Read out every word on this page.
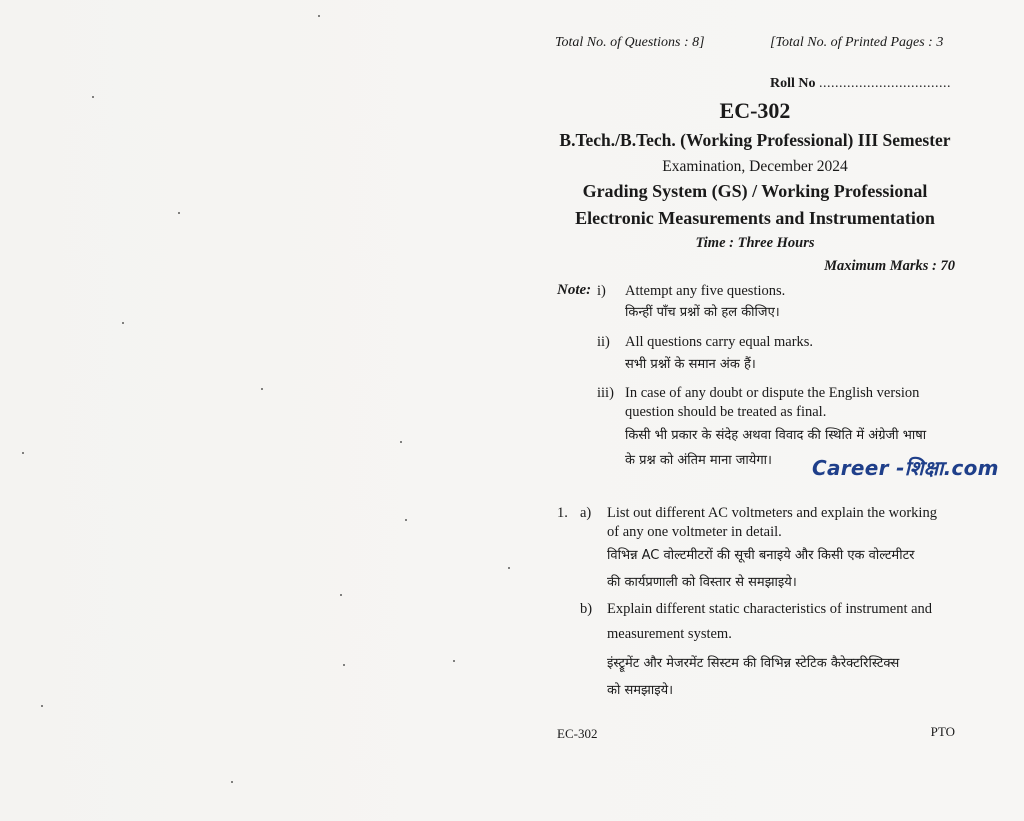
Total No. of Questions : 8]	[Total No. of Printed Pages : 3
Roll No .................................
EC-302
B.Tech./B.Tech. (Working Professional) III Semester
Examination, December 2024
Grading System (GS) / Working Professional
Electronic Measurements and Instrumentation
Time : Three Hours
Maximum Marks : 70
Note: i) Attempt any five questions.
किन्हीं पाँच प्रश्नों को हल कीजिए।
ii) All questions carry equal marks.
सभी प्रश्नों के समान अंक हैं।
iii) In case of any doubt or dispute the English version
question should be treated as final.
किसी भी प्रकार के संदेह अथवा विवाद की स्थिति में अंग्रेजी भाषा
के प्रश्न को अंतिम माना जायेगा। Career -शिक्षा.com
1. a) List out different AC voltmeters and explain the working
of any one voltmeter in detail.
विभिन्न AC वोल्टमीटरों की सूची बनाइये और किसी एक वोल्टमीटर
की कार्यप्रणाली को विस्तार से समझाइये।
b) Explain different static characteristics of instrument and
measurement system.
इंस्ट्रूमेंट और मेजरमेंट सिस्टम की विभिन्न स्टेटिक कैरेक्टरिस्टिक्स
को समझाइये।
EC-302	PTO
